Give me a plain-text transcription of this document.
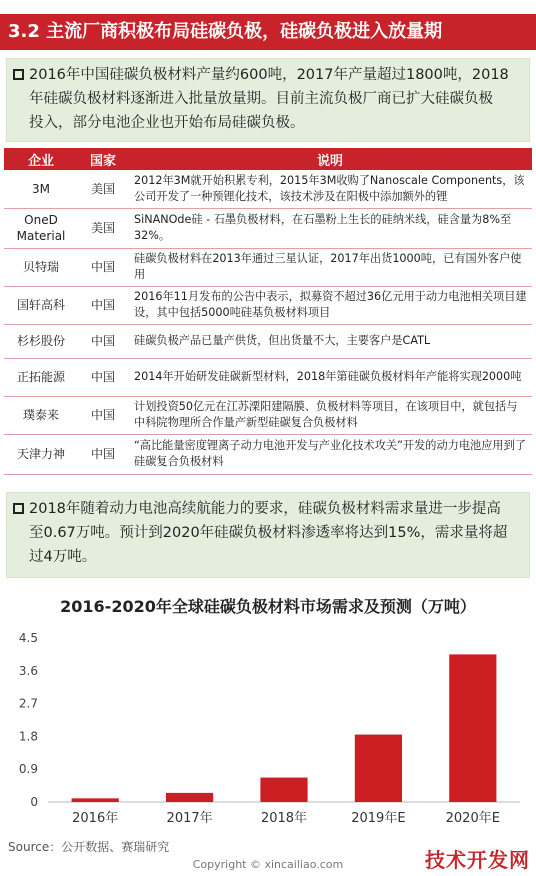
3.2 主流厂商积极布局硅碳负极，硅碳负极进入放量期

2016年中国硅碳负极材料产量约600吨，2017年产量超过1800吨，2018

年硅碳负极材料逐渐进入批量放量期。目前主流负极厂商已扩大硅碳负极

投入，部分电池企业也开始布局硅碳负极。

企业	国家	说明
3M	美国	2012年3M就开始积累专利，2015年3M收购了Nanoscale Components，该公司开发了一种预锂化技术，该技术涉及在阳极中添加额外的锂
OneD Material	美国	SiNANOde硅 - 石墨负极材料，在石墨粉上生长的硅纳米线，硅含量为8%至32%。
贝特瑞	中国	硅碳负极材料在2013年通过三星认证，2017年出货1000吨，已有国外客户使用
国轩高科	中国	2016年11月发布的公告中表示，拟募资不超过36亿元用于动力电池相关项目建设，其中包括5000吨硅基负极材料项目
杉杉股份	中国	硅碳负极产品已量产供货，但出货量不大，主要客户是CATL
正拓能源	中国	2014年开始研发硅碳新型材料，2018年第硅碳负极材料年产能将实现2000吨
璞泰来	中国	计划投资50亿元在江苏溧阳建隔膜、负极材料等项目，在该项目中，就包括与中科院物理所合作量产新型硅碳复合负极材料
天津力神	中国	“高比能量密度锂离子动力电池开发与产业化技术攻关”开发的动力电池应用到了硅碳复合负极材料

2018年随着动力电池高续航能力的要求，硅碳负极材料需求量进一步提高

至0.67万吨。预计到2020年硅碳负极材料渗透率将达到15%，需求量将超

过4万吨。

2016-2020年全球硅碳负极材料市场需求及预测（万吨）
0
0.9
1.8
2.7
3.6
4.5
2016年	2017年	2018年	2019年E	2020年E
Source：公开数据、赛瑞研究
Copyright © xincailiao.com	技术开发网
